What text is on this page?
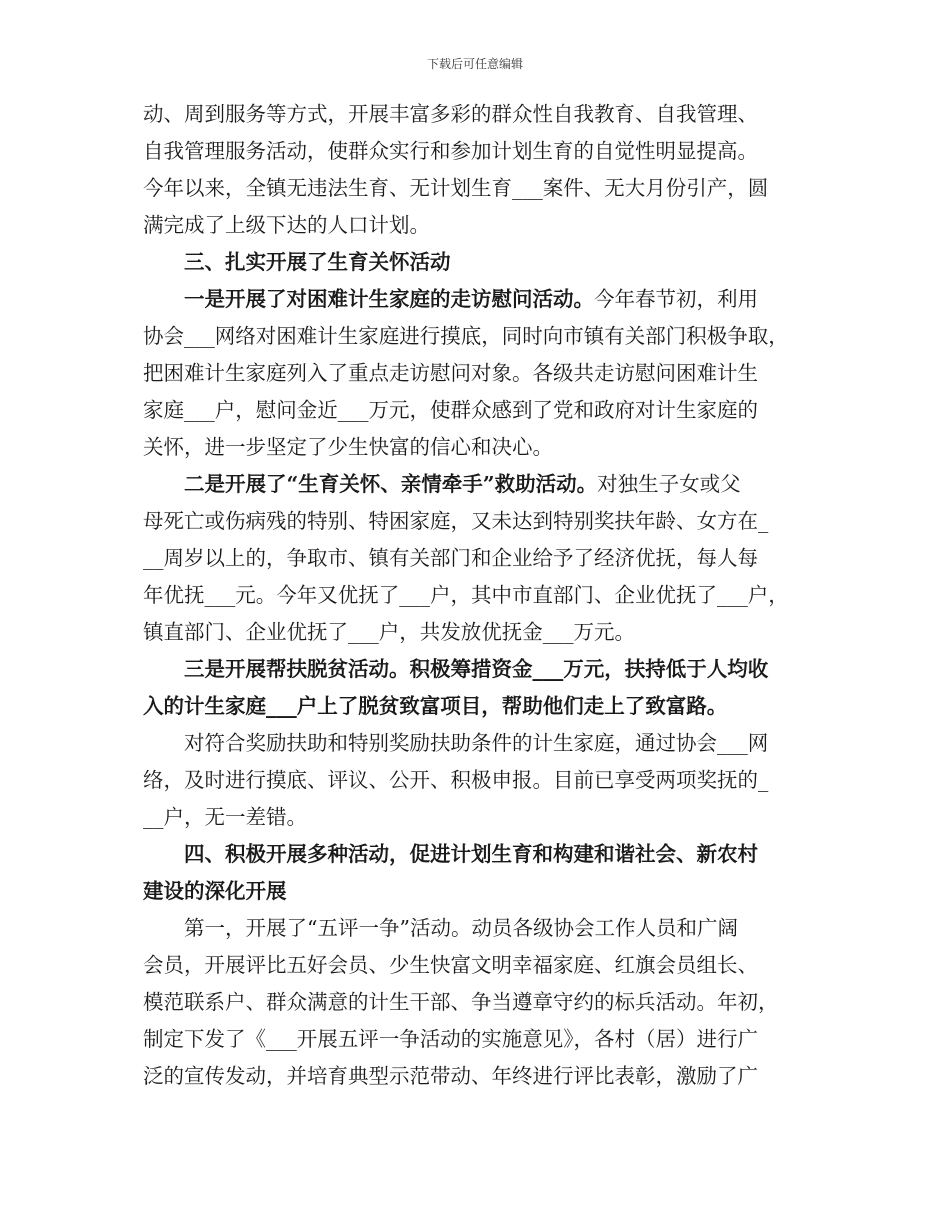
下载后可任意编辑
动、周到服务等方式，开展丰富多彩的群众性自我教育、自我管理、
自我管理服务活动，使群众实行和参加计划生育的自觉性明显提高。
今年以来，全镇无违法生育、无计划生育___案件、无大月份引产，圆
满完成了上级下达的人口计划。
　　三、扎实开展了生育关怀活动
　　一是开展了对困难计生家庭的走访慰问活动。今年春节初，利用
协会___网络对困难计生家庭进行摸底，同时向市镇有关部门积极争取，
把困难计生家庭列入了重点走访慰问对象。各级共走访慰问困难计生
家庭___户，慰问金近___万元，使群众感到了党和政府对计生家庭的
关怀，进一步坚定了少生快富的信心和决心。
　　二是开展了“生育关怀、亲情牵手”救助活动。对独生子女或父
母死亡或伤病残的特别、特困家庭，又未达到特别奖扶年龄、女方在_
__周岁以上的，争取市、镇有关部门和企业给予了经济优抚，每人每
年优抚___元。今年又优抚了___户，其中市直部门、企业优抚了___户，
镇直部门、企业优抚了___户，共发放优抚金___万元。
　　三是开展帮扶脱贫活动。积极筹措资金___万元，扶持低于人均收
入的计生家庭___户上了脱贫致富项目，帮助他们走上了致富路。
　　对符合奖励扶助和特别奖励扶助条件的计生家庭，通过协会___网
络，及时进行摸底、评议、公开、积极申报。目前已享受两项奖抚的_
__户，无一差错。
　　四、积极开展多种活动，促进计划生育和构建和谐社会、新农村
建设的深化开展
　　第一，开展了“五评一争”活动。动员各级协会工作人员和广阔
会员，开展评比五好会员、少生快富文明幸福家庭、红旗会员组长、
模范联系户、群众满意的计生干部、争当遵章守约的标兵活动。年初，
制定下发了《___开展五评一争活动的实施意见》，各村（居）进行广
泛的宣传发动，并培育典型示范带动、年终进行评比表彰，激励了广
